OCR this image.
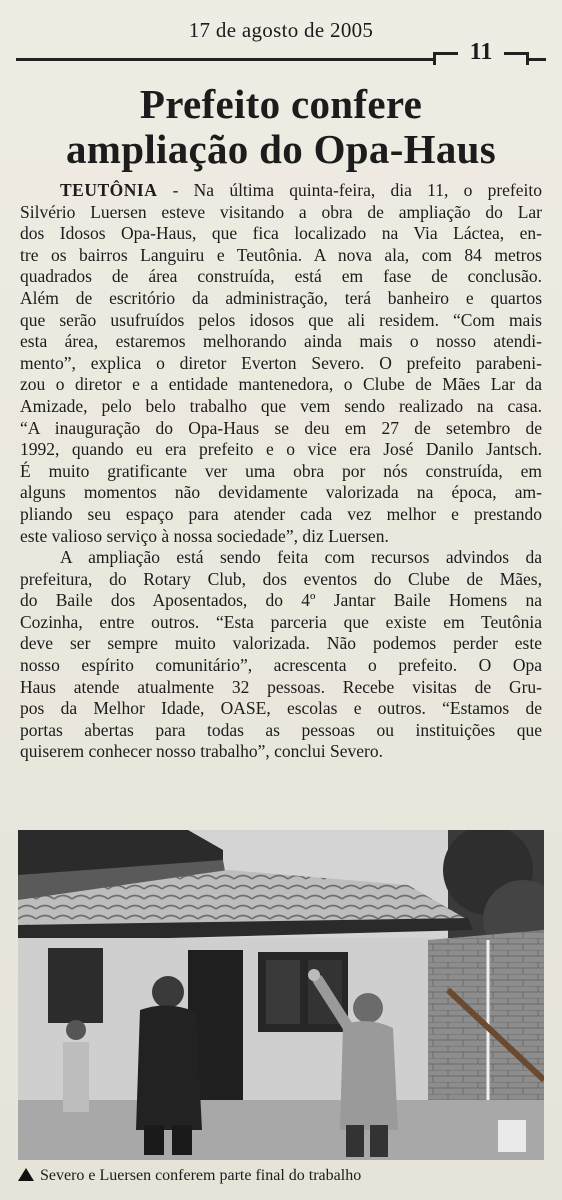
17 de agosto de 2005
11
Prefeito confere
ampliação do Opa-Haus
TEUTÔNIA - Na última quinta-feira, dia 11, o prefeito
Silvério Luersen esteve visitando a obra de ampliação do Lar
dos Idosos Opa-Haus, que fica localizado na Via Láctea, en-
tre os bairros Languiru e Teutônia. A nova ala, com 84 metros
quadrados de área construída, está em fase de conclusão.
Além de escritório da administração, terá banheiro e quartos
que serão usufruídos pelos idosos que ali residem. “Com mais
esta área, estaremos melhorando ainda mais o nosso atendi-
mento”, explica o diretor Everton Severo. O prefeito parabeni-
zou o diretor e a entidade mantenedora, o Clube de Mães Lar da
Amizade, pelo belo trabalho que vem sendo realizado na casa.
“A inauguração do Opa-Haus se deu em 27 de setembro de
1992, quando eu era prefeito e o vice era José Danilo Jantsch.
É muito gratificante ver uma obra por nós construída, em
alguns momentos não devidamente valorizada na época, am-
pliando seu espaço para atender cada vez melhor e prestando
este valioso serviço à nossa sociedade”, diz Luersen.
A ampliação está sendo feita com recursos advindos da
prefeitura, do Rotary Club, dos eventos do Clube de Mães,
do Baile dos Aposentados, do 4º Jantar Baile Homens na
Cozinha, entre outros. “Esta parceria que existe em Teutônia
deve ser sempre muito valorizada. Não podemos perder este
nosso espírito comunitário”, acrescenta o prefeito. O Opa
Haus atende atualmente 32 pessoas. Recebe visitas de Gru-
pos da Melhor Idade, OASE, escolas e outros. “Estamos de
portas abertas para todas as pessoas ou instituições que
quiserem conhecer nosso trabalho”, conclui Severo.
Severo e Luersen conferem parte final do trabalho
